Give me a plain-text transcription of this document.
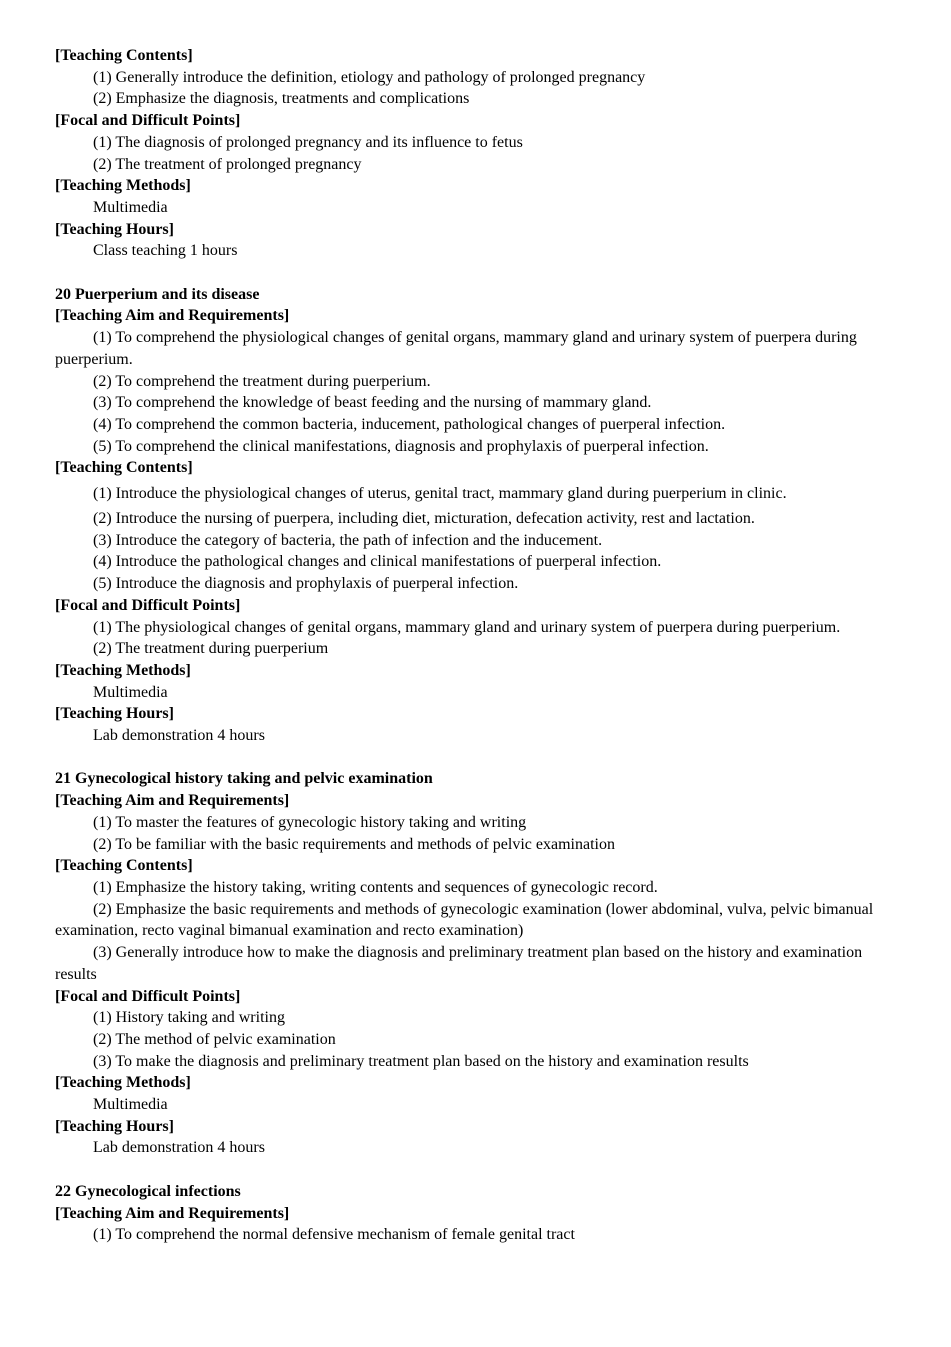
[Teaching Contents]
(1) Generally introduce the definition, etiology and pathology of prolonged pregnancy
(2) Emphasize the diagnosis, treatments and complications
[Focal and Difficult Points]
(1) The diagnosis of prolonged pregnancy and its influence to fetus
(2) The treatment of prolonged pregnancy
[Teaching Methods]
Multimedia
[Teaching Hours]
Class teaching 1 hours
20 Puerperium and its disease
[Teaching Aim and Requirements]
(1) To comprehend the physiological changes of genital organs, mammary gland and urinary system of puerpera during puerperium.
(2) To comprehend the treatment during puerperium.
(3) To comprehend the knowledge of beast feeding and the nursing of mammary gland.
(4) To comprehend the common bacteria, inducement, pathological changes of puerperal infection.
(5) To comprehend the clinical manifestations, diagnosis and prophylaxis of puerperal infection.
[Teaching Contents]
(1) Introduce the physiological changes of uterus, genital tract, mammary gland during puerperium in clinic.
(2) Introduce the nursing of puerpera, including diet, micturation, defecation activity, rest and lactation.
(3) Introduce the category of bacteria, the path of infection and the inducement.
(4) Introduce the pathological changes and clinical manifestations of puerperal infection.
(5) Introduce the diagnosis and prophylaxis of puerperal infection.
[Focal and Difficult Points]
(1) The physiological changes of genital organs, mammary gland and urinary system of puerpera during puerperium.
(2) The treatment during puerperium
[Teaching Methods]
Multimedia
[Teaching Hours]
Lab demonstration 4 hours
21 Gynecological history taking and pelvic examination
[Teaching Aim and Requirements]
(1) To master the features of gynecologic history taking and writing
(2) To be familiar with the basic requirements and methods of pelvic examination
[Teaching Contents]
(1) Emphasize the history taking, writing contents and sequences of gynecologic record.
(2) Emphasize the basic requirements and methods of gynecologic examination (lower abdominal, vulva, pelvic bimanual examination, recto vaginal bimanual examination and recto examination)
(3) Generally introduce how to make the diagnosis and preliminary treatment plan based on the history and examination results
[Focal and Difficult Points]
(1) History taking and writing
(2) The method of pelvic examination
(3) To make the diagnosis and preliminary treatment plan based on the history and examination results
[Teaching Methods]
Multimedia
[Teaching Hours]
Lab demonstration 4 hours
22 Gynecological infections
[Teaching Aim and Requirements]
(1) To comprehend the normal defensive mechanism of female genital tract
